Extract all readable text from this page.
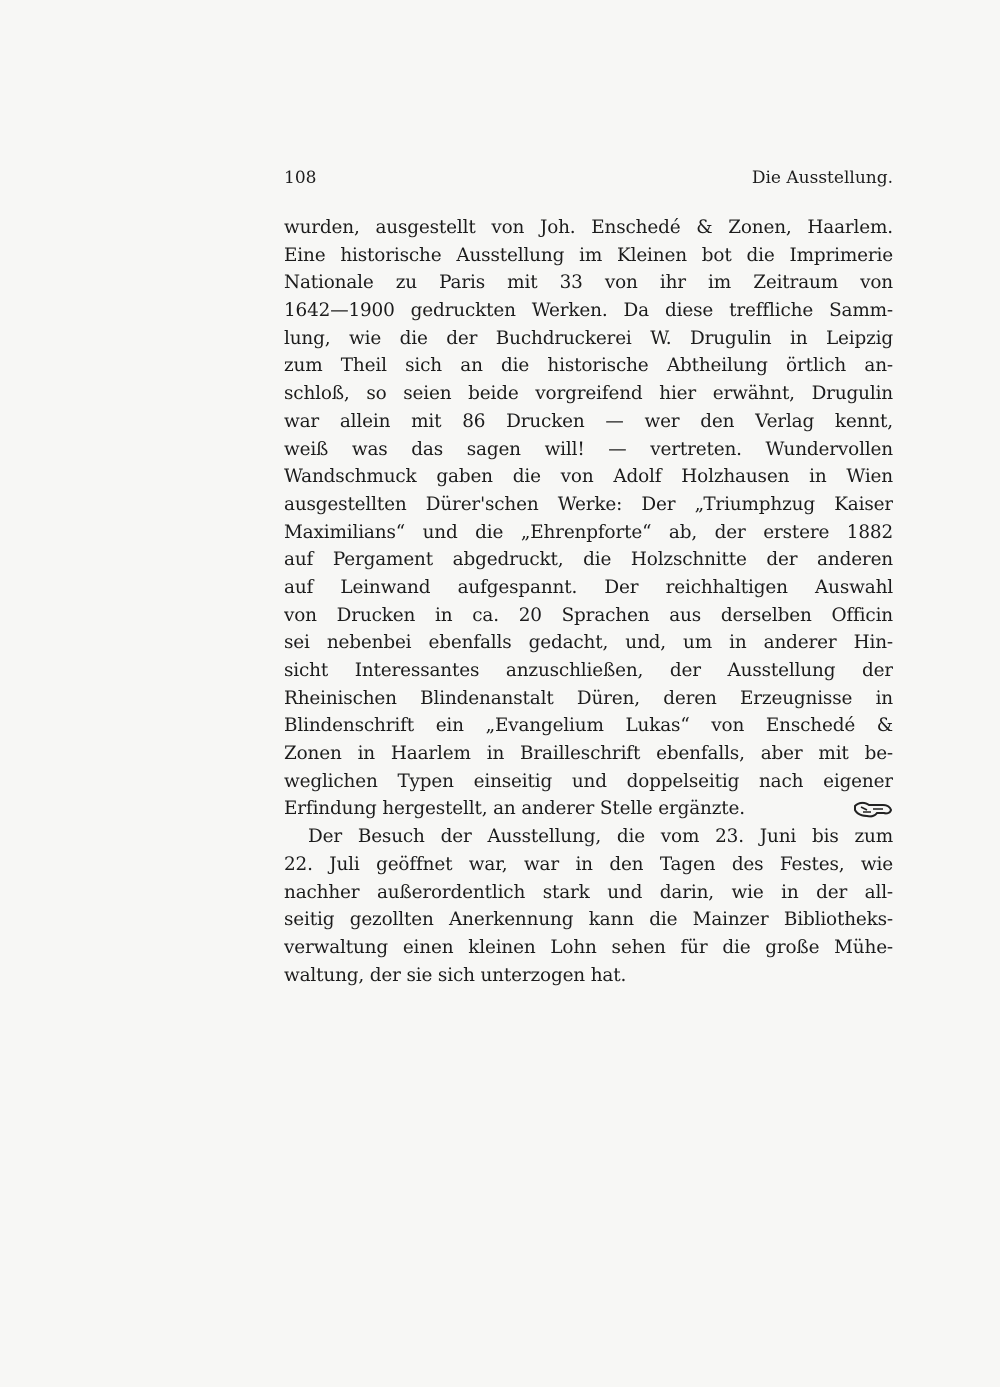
108	Die Ausstellung.
wurden, ausgestellt von Joh. Enschedé & Zonen, Haarlem.
Eine historische Ausstellung im Kleinen bot die Imprimerie
Nationale zu Paris mit 33 von ihr im Zeitraum von
1642—1900 gedruckten Werken. Da diese treffliche Samm-
lung, wie die der Buchdruckerei W. Drugulin in Leipzig
zum Theil sich an die historische Abtheilung örtlich an-
schloß, so seien beide vorgreifend hier erwähnt, Drugulin
war allein mit 86 Drucken — wer den Verlag kennt,
weiß was das sagen will! — vertreten. Wundervollen
Wandschmuck gaben die von Adolf Holzhausen in Wien
ausgestellten Dürer'schen Werke: Der „Triumphzug Kaiser
Maximilians“ und die „Ehrenpforte“ ab, der erstere 1882
auf Pergament abgedruckt, die Holzschnitte der anderen
auf Leinwand aufgespannt. Der reichhaltigen Auswahl
von Drucken in ca. 20 Sprachen aus derselben Officin
sei nebenbei ebenfalls gedacht, und, um in anderer Hin-
sicht Interessantes anzuschließen, der Ausstellung der
Rheinischen Blindenanstalt Düren, deren Erzeugnisse in
Blindenschrift ein „Evangelium Lukas“ von Enschedé &
Zonen in Haarlem in Brailleschrift ebenfalls, aber mit be-
weglichen Typen einseitig und doppelseitig nach eigener
Erfindung hergestellt, an anderer Stelle ergänzte.
Der Besuch der Ausstellung, die vom 23. Juni bis zum
22. Juli geöffnet war, war in den Tagen des Festes, wie
nachher außerordentlich stark und darin, wie in der all-
seitig gezollten Anerkennung kann die Mainzer Bibliotheks-
verwaltung einen kleinen Lohn sehen für die große Mühe-
waltung, der sie sich unterzogen hat.
